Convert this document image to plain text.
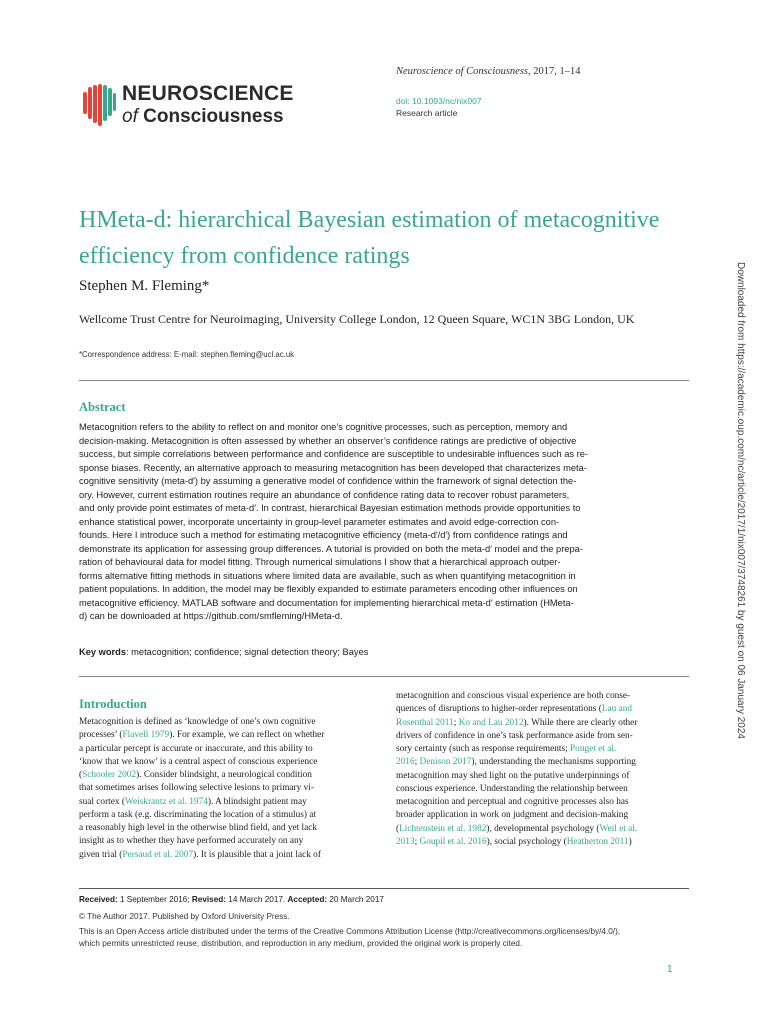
NEUROSCIENCE
of Consciousness
Neuroscience of Consciousness, 2017, 1–14
doi: 10.1093/nc/nix007
Research article
HMeta-d: hierarchical Bayesian estimation of metacognitive efficiency from confidence ratings
Stephen M. Fleming*
Wellcome Trust Centre for Neuroimaging, University College London, 12 Queen Square, WC1N 3BG London, UK
*Correspondence address: E-mail: stephen.fleming@ucl.ac.uk
Abstract
Metacognition refers to the ability to reflect on and monitor one’s cognitive processes, such as perception, memory and
decision-making. Metacognition is often assessed by whether an observer’s confidence ratings are predictive of objective
success, but simple correlations between performance and confidence are susceptible to undesirable influences such as re-
sponse biases. Recently, an alternative approach to measuring metacognition has been developed that characterizes meta-
cognitive sensitivity (meta-d′) by assuming a generative model of confidence within the framework of signal detection the-
ory. However, current estimation routines require an abundance of confidence rating data to recover robust parameters,
and only provide point estimates of meta-d′. In contrast, hierarchical Bayesian estimation methods provide opportunities to
enhance statistical power, incorporate uncertainty in group-level parameter estimates and avoid edge-correction con-
founds. Here I introduce such a method for estimating metacognitive efficiency (meta-d′/d′) from confidence ratings and
demonstrate its application for assessing group differences. A tutorial is provided on both the meta-d′ model and the prepa-
ration of behavioural data for model fitting. Through numerical simulations I show that a hierarchical approach outper-
forms alternative fitting methods in situations where limited data are available, such as when quantifying metacognition in
patient populations. In addition, the model may be flexibly expanded to estimate parameters encoding other influences on
metacognitive efficiency. MATLAB software and documentation for implementing hierarchical meta-d′ estimation (HMeta-
d) can be downloaded at https://github.com/smfleming/HMeta-d.
Key words: metacognition; confidence; signal detection theory; Bayes
Introduction
Metacognition is defined as ‘knowledge of one’s own cognitive
processes’ (Flavell 1979). For example, we can reflect on whether
a particular percept is accurate or inaccurate, and this ability to
‘know that we know’ is a central aspect of conscious experience
(Schooler 2002). Consider blindsight, a neurological condition
that sometimes arises following selective lesions to primary vi-
sual cortex (Weiskrantz et al. 1974). A blindsight patient may
perform a task (e.g. discriminating the location of a stimulus) at
a reasonably high level in the otherwise blind field, and yet lack
insight as to whether they have performed accurately on any
given trial (Persaud et al. 2007). It is plausible that a joint lack of
metacognition and conscious visual experience are both conse-
quences of disruptions to higher-order representations (Lau and
Rosenthal 2011; Ko and Lau 2012). While there are clearly other
drivers of confidence in one’s task performance aside from sen-
sory certainty (such as response requirements; Pouget et al.
2016; Denison 2017), understanding the mechanisms supporting
metacognition may shed light on the putative underpinnings of
conscious experience. Understanding the relationship between
metacognition and perceptual and cognitive processes also has
broader application in work on judgment and decision-making
(Lichtenstein et al. 1982), developmental psychology (Weil et al.
2013; Goupil et al. 2016), social psychology (Heatherton 2011)
Received: 1 September 2016; Revised: 14 March 2017. Accepted: 20 March 2017
© The Author 2017. Published by Oxford University Press.
This is an Open Access article distributed under the terms of the Creative Commons Attribution License (http://creativecommons.org/licenses/by/4.0/),
which permits unrestricted reuse, distribution, and reproduction in any medium, provided the original work is properly cited.
1
Downloaded from https://academic.oup.com/nc/article/2017/1/nix007/3748261 by guest on 06 January 2024
